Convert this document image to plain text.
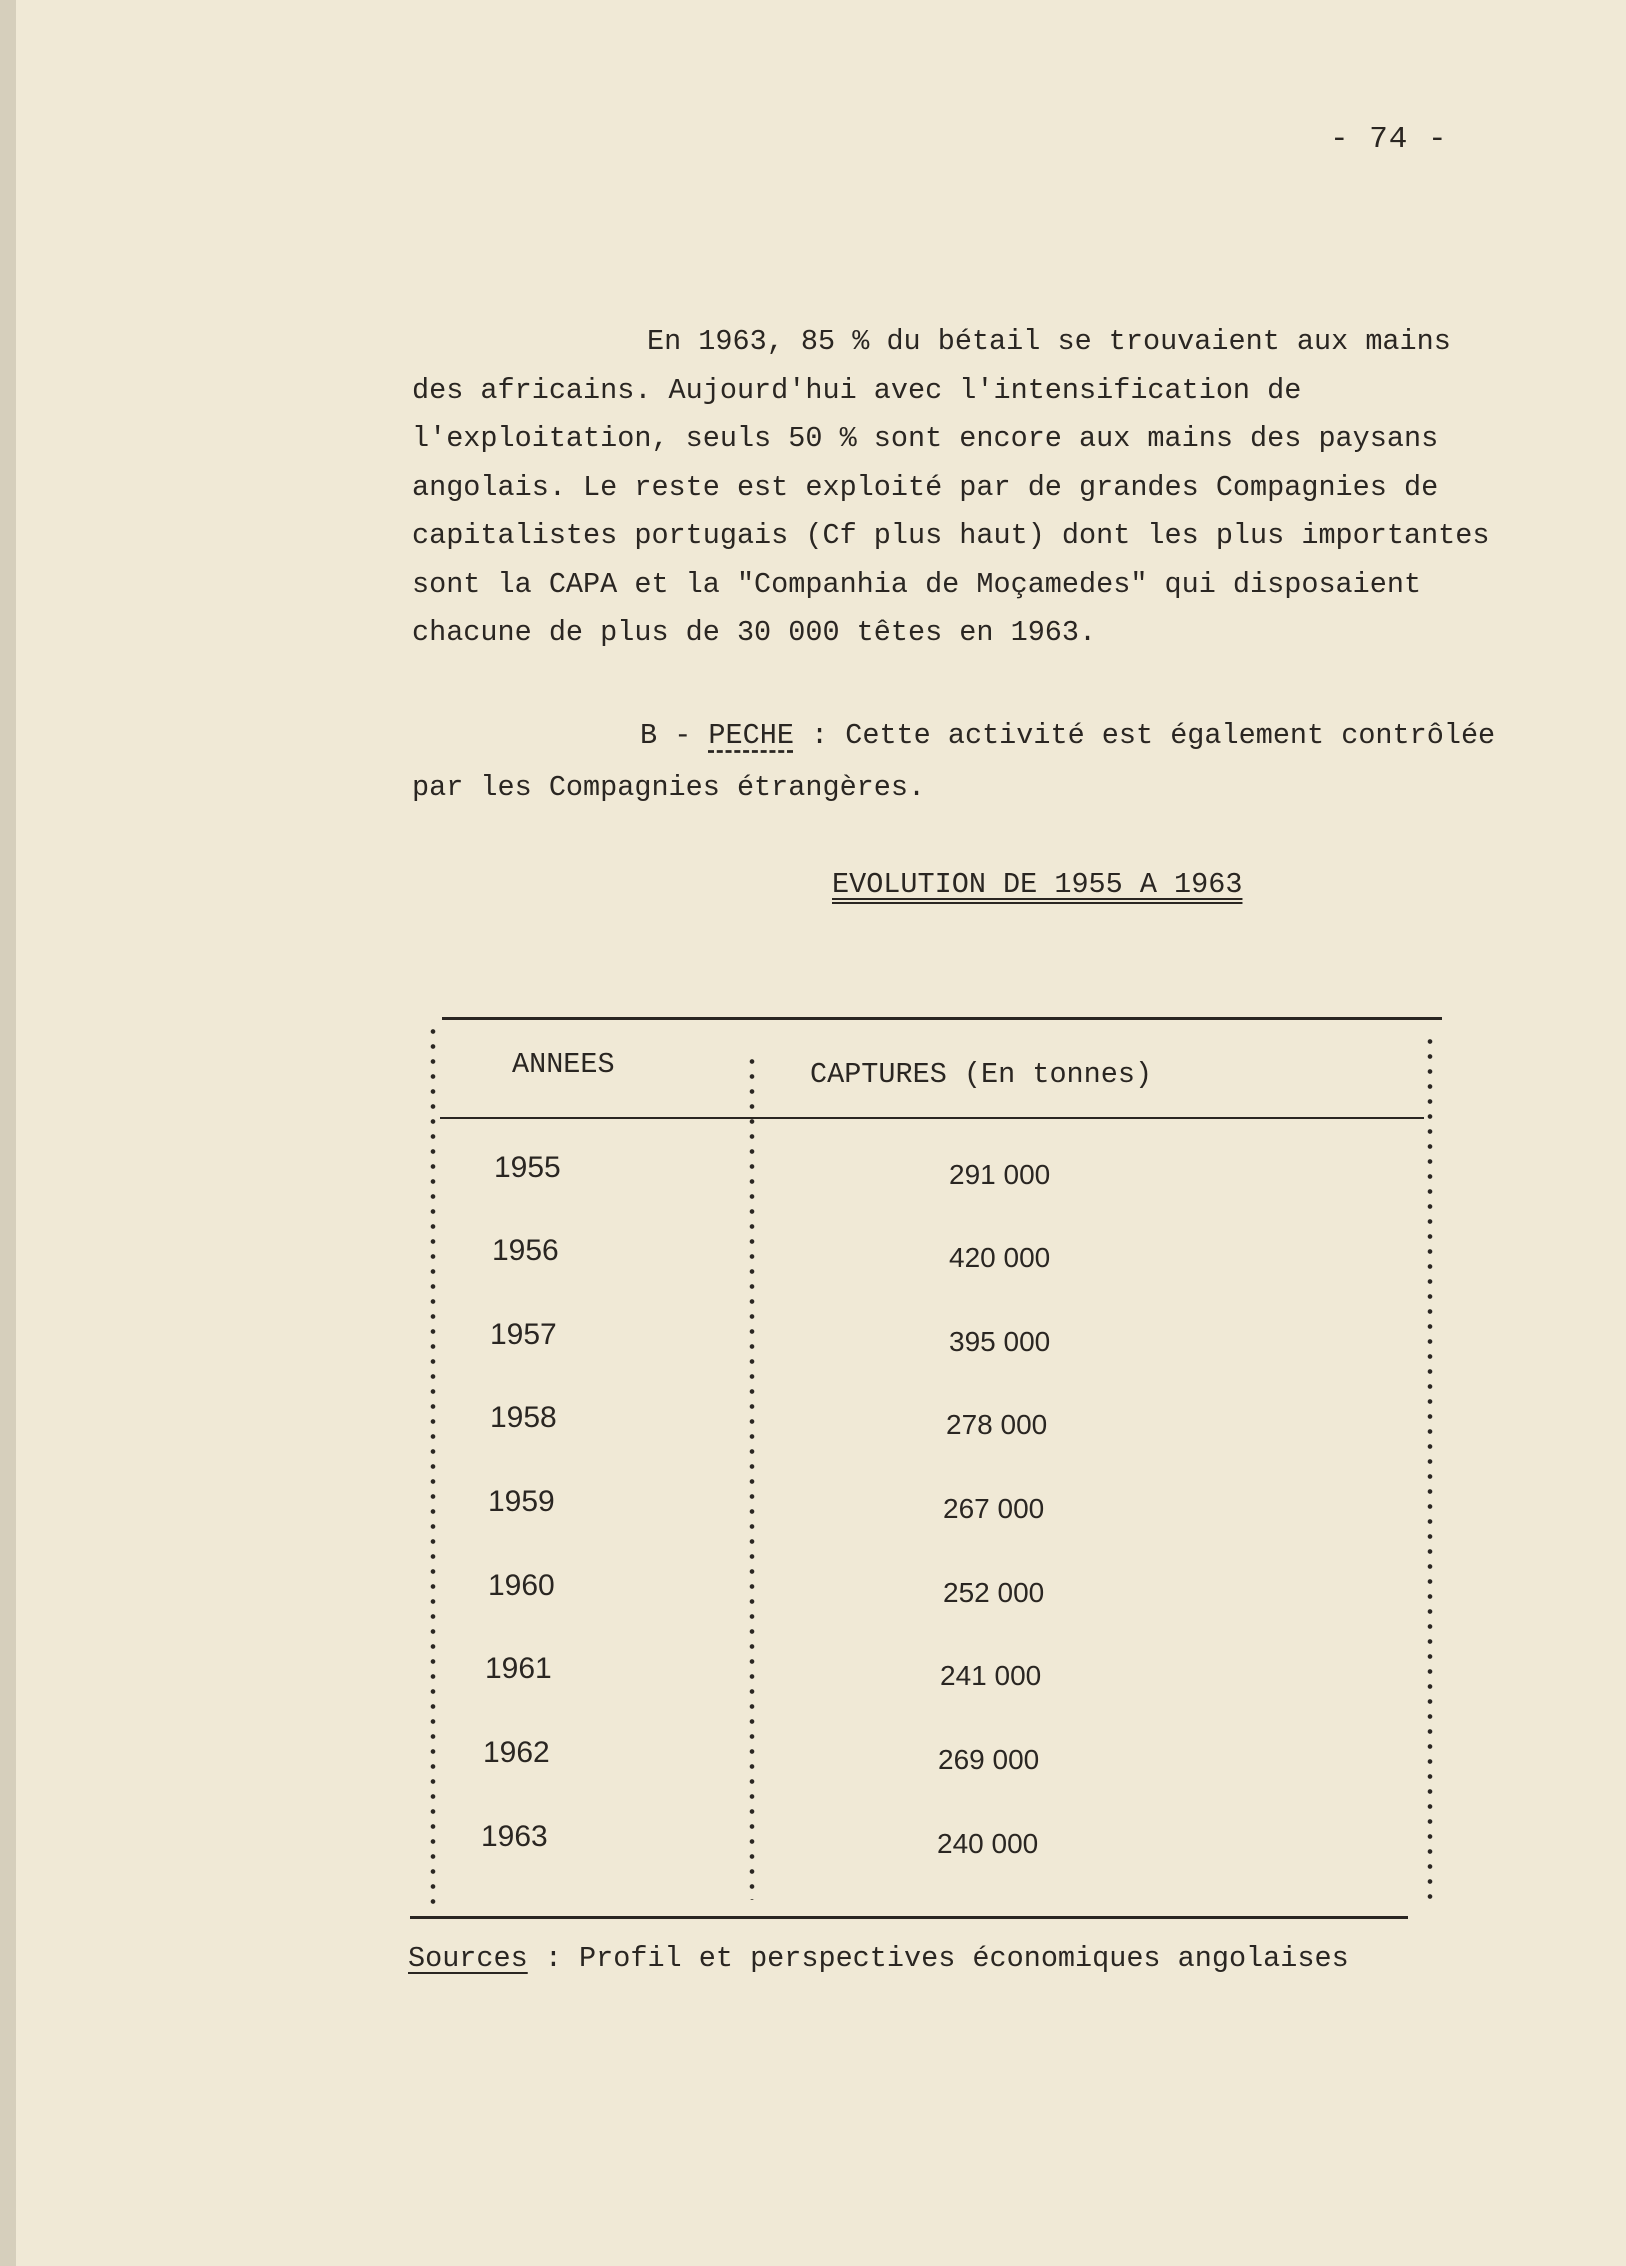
- 74 -

En 1963, 85 % du bétail se trouvaient aux mains

des africains. Aujourd'hui avec l'intensification de

l'exploitation, seuls 50 % sont encore aux mains des paysans

angolais. Le reste est exploité par de grandes Compagnies de

capitalistes portugais (Cf plus haut) dont les plus importantes

sont la CAPA et la "Companhia de Moçamedes" qui disposaient

chacune de plus de 30 000 têtes en 1963.

B - PECHE : Cette activité est également contrôlée

par les Compagnies étrangères.

EVOLUTION DE 1955 A 1963
ANNEES	CAPTURES (En tonnes)
1955	291 000
1956	420 000
1957	395 000
1958	278 000
1959	267 000
1960	252 000
1961	241 000
1962	269 000
1963	240 000
Sources : Profil et perspectives économiques angolaises
